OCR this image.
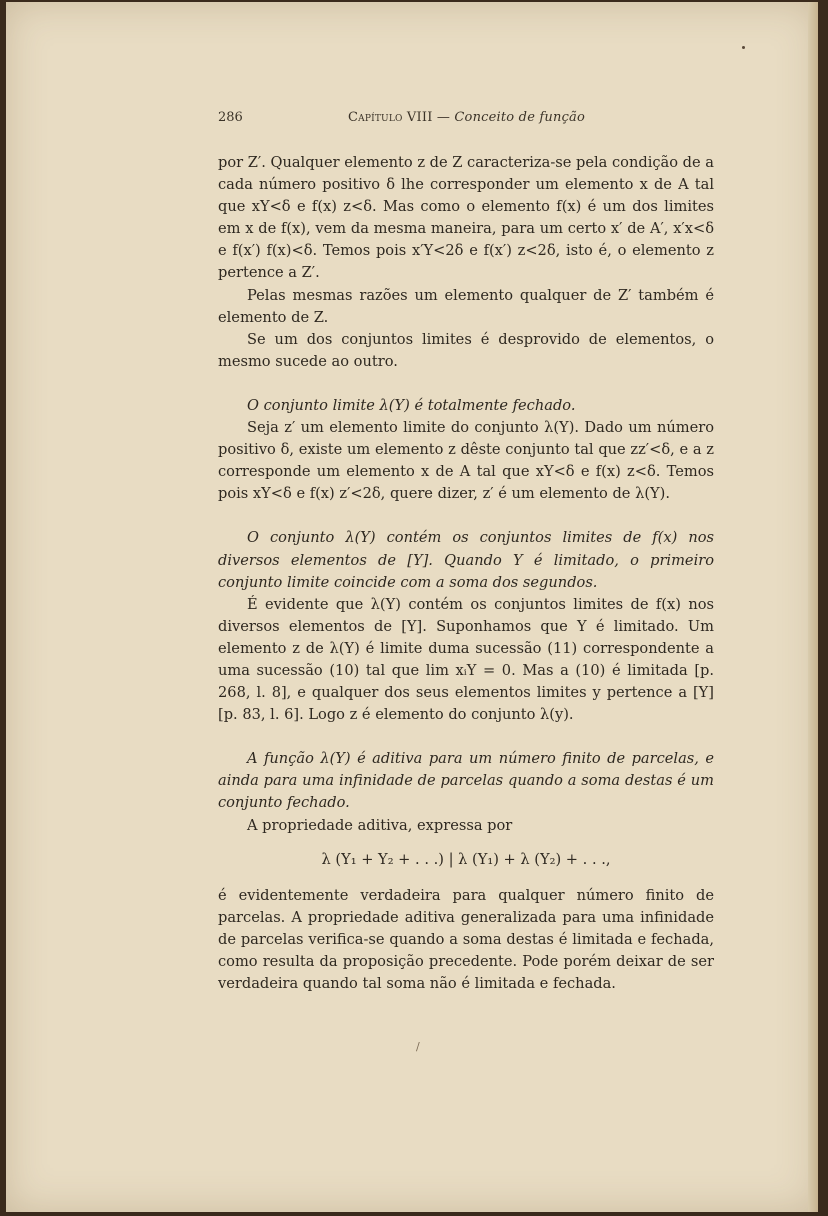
286	Capítulo VIII — Conceito de função

por Z′. Qualquer elemento z de Z caracteriza-se pela condição de a cada número positivo δ lhe corresponder um elemento x de A tal que xY<δ e f(x) z<δ. Mas como o elemento f(x) é um dos limites em x de f(x), vem da mesma maneira, para um certo x′ de A′, x′x<δ e f(x′) f(x)<δ. Temos pois x′Y<2δ e f(x′) z<2δ, isto é, o elemento z pertence a Z′.

Pelas mesmas razões um elemento qualquer de Z′ também é elemento de Z.

Se um dos conjuntos limites é desprovido de elementos, o mesmo sucede ao outro.

O conjunto limite λ(Y) é totalmente fechado.

Seja z′ um elemento limite do conjunto λ(Y). Dado um número positivo δ, existe um elemento z dêste conjunto tal que zz′<δ, e a z corresponde um elemento x de A tal que xY<δ e f(x) z<δ. Temos pois xY<δ e f(x) z′<2δ, quere dizer, z′ é um elemento de λ(Y).

O conjunto λ(Y) contém os conjuntos limites de f(x) nos diversos elementos de [Y]. Quando Y é limitado, o primeiro conjunto limite coincide com a soma dos segundos.

É evidente que λ(Y) contém os conjuntos limites de f(x) nos diversos elementos de [Y]. Suponhamos que Y é limitado. Um elemento z de λ(Y) é limite duma sucessão (11) correspondente a uma sucessão (10) tal que lim xᵢY = 0. Mas a (10) é limitada [p. 268, l. 8], e qualquer dos seus elementos limites y pertence a [Y] [p. 83, l. 6]. Logo z é elemento do conjunto λ(y).

A função λ(Y) é aditiva para um número finito de parcelas, e ainda para uma infinidade de parcelas quando a soma destas é um conjunto fechado.

A propriedade aditiva, expressa por

λ (Y₁ + Y₂ + . . .) | λ (Y₁) + λ (Y₂) + . . .,

é evidentemente verdadeira para qualquer número finito de parcelas. A propriedade aditiva generalizada para uma infinidade de parcelas verifica-se quando a soma destas é limitada e fechada, como resulta da proposição precedente. Pode porém deixar de ser verdadeira quando tal soma não é limitada e fechada.

/
